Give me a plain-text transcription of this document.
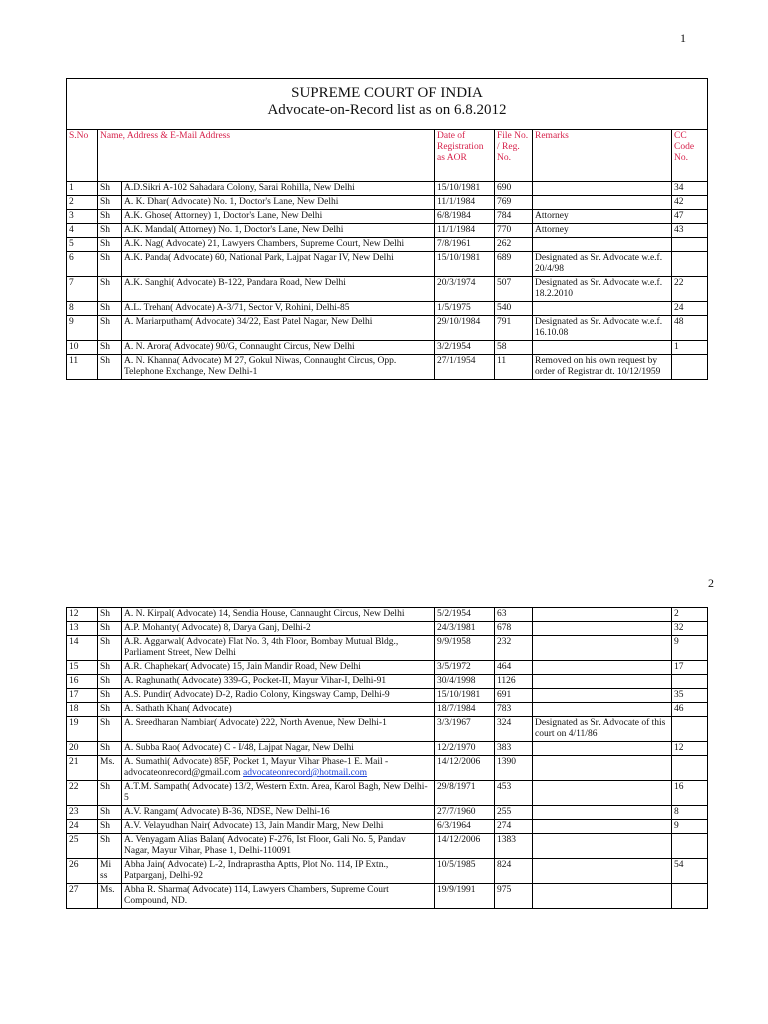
1
SUPREME COURT OF INDIA
Advocate-on-Record list as on 6.8.2012						

S.No	Name, Address & E-Mail Address		Date of Registration as AOR	File No. / Reg. No.	Remarks	CC Code No.
1	Sh	A.D.Sikri A-102 Sahadara Colony, Sarai Rohilla, New Delhi	15/10/1981	690		34
2	Sh	A. K. Dhar( Advocate) No. 1, Doctor's Lane, New Delhi	11/1/1984	769		42
3	Sh	A.K. Ghose( Attorney) 1, Doctor's Lane, New Delhi	6/8/1984	784	Attorney	47
4	Sh	A.K. Mandal( Attorney) No. 1, Doctor's Lane, New Delhi	11/1/1984	770	Attorney	43
5	Sh	A.K. Nag( Advocate) 21, Lawyers Chambers, Supreme Court, New Delhi	7/8/1961	262		
6	Sh	A.K. Panda( Advocate) 60, National Park, Lajpat Nagar IV, New Delhi	15/10/1981	689	Designated as Sr. Advocate w.e.f. 20/4/98	
7	Sh	A.K. Sanghi( Advocate) B-122, Pandara Road, New Delhi	20/3/1974	507	Designated as Sr. Advocate w.e.f. 18.2.2010	22
8	Sh	A.L. Trehan( Advocate) A-3/71, Sector V, Rohini, Delhi-85	1/5/1975	540		24
9	Sh	A. Mariarputham( Advocate) 34/22, East Patel Nagar, New Delhi	29/10/1984	791	Designated as Sr. Advocate w.e.f. 16.10.08	48
10	Sh	A. N. Arora( Advocate) 90/G, Connaught Circus, New Delhi	3/2/1954	58		1
11	Sh	A. N. Khanna( Advocate) M 27, Gokul Niwas, Connaught Circus, Opp. Telephone Exchange, New Delhi-1	27/1/1954	11	Removed on his own request by order of Registrar dt. 10/12/1959	
2
12	Sh	A. N. Kirpal( Advocate) 14, Sendia House, Cannaught Circus, New Delhi	5/2/1954	63		2
13	Sh	A.P. Mohanty( Advocate) 8, Darya Ganj, Delhi-2	24/3/1981	678		32
14	Sh	A.R. Aggarwal( Advocate) Flat No. 3, 4th Floor, Bombay Mutual Bldg., Parliament Street, New Delhi	9/9/1958	232		9
15	Sh	A.R. Chaphekar( Advocate) 15, Jain Mandir Road, New Delhi	3/5/1972	464		17
16	Sh	A. Raghunath( Advocate) 339-G, Pocket-II, Mayur Vihar-I, Delhi-91	30/4/1998	1126		
17	Sh	A.S. Pundir( Advocate) D-2, Radio Colony, Kingsway Camp, Delhi-9	15/10/1981	691		35
18	Sh	A. Sathath Khan( Advocate)	18/7/1984	783		46
19	Sh	A. Sreedharan Nambiar( Advocate) 222, North Avenue, New Delhi-1	3/3/1967	324	Designated as Sr. Advocate of this court on 4/11/86	
20	Sh	A. Subba Rao( Advocate) C - I/48, Lajpat Nagar, New Delhi	12/2/1970	383		12
21	Ms.	A. Sumathi( Advocate) 85F, Pocket 1, Mayur Vihar Phase-1 E. Mail -advocateonrecord@gmail.com advocateonrecord@hotmail.com	14/12/2006	1390		
22	Sh	A.T.M. Sampath( Advocate) 13/2, Western Extn. Area, Karol Bagh, New Delhi-5	29/8/1971	453		16
23	Sh	A.V. Rangam( Advocate) B-36, NDSE, New Delhi-16	27/7/1960	255		8
24	Sh	A.V. Velayudhan Nair( Advocate) 13, Jain Mandir Marg, New Delhi	6/3/1964	274		9
25	Sh	A. Venyagam Alias Balan( Advocate) F-276, Ist Floor, Gali No. 5, Pandav Nagar, Mayur Vihar, Phase 1, Delhi-110091	14/12/2006	1383		
26	Mi ss	Abha Jain( Advocate) L-2, Indraprastha Aptts, Plot No. 114, IP Extn., Patparganj, Delhi-92	10/5/1985	824		54
27	Ms.	Abha R. Sharma( Advocate) 114, Lawyers Chambers, Supreme Court Compound, ND.	19/9/1991	975		
